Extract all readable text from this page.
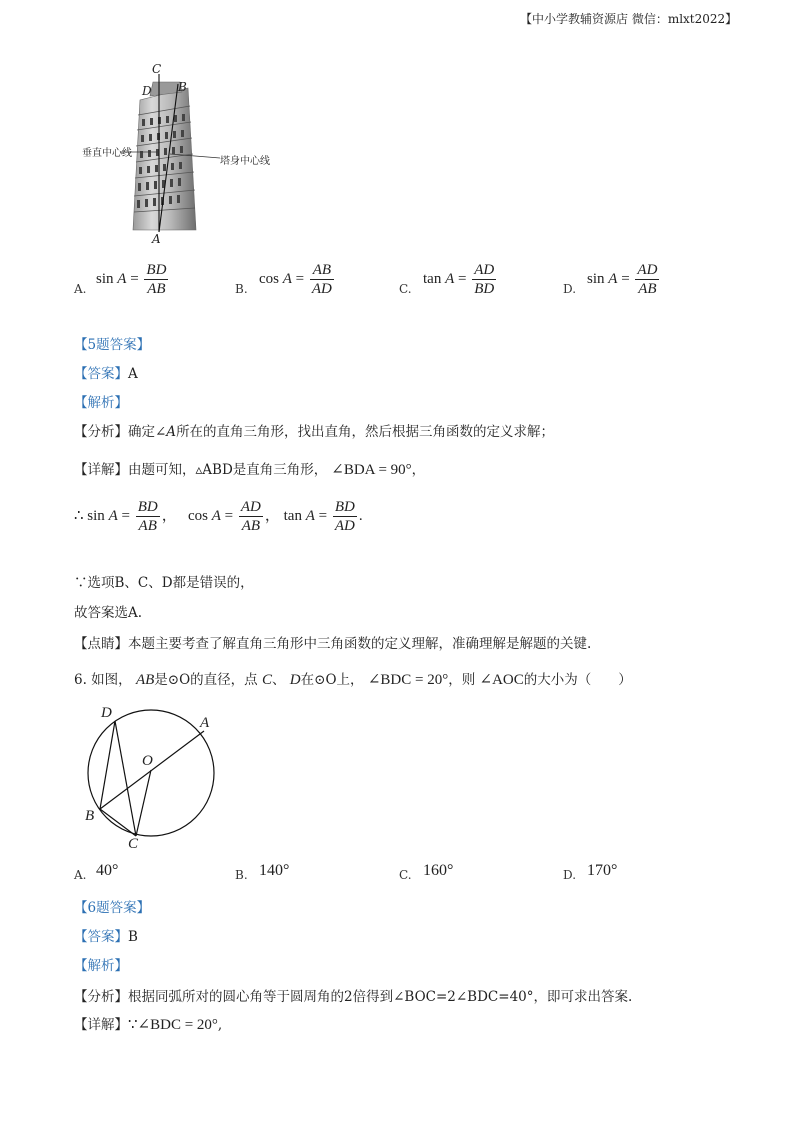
【中小学教辅资源店 微信：mlxt2022】
C
D B
A
垂直中心线
塔身中心线
A.
$\sin A = \frac{BD}{AB}$	B.
$\cos A = \frac{AB}{AD}$	C.
$\tan A = \frac{AD}{BD}$	D.
$\sin A = \frac{AD}{AB}$
【5题答案】
【答案】A
【解析】
【分析】确定∠A所在的直角三角形，找出直角，然后根据三角函数的定义求解；
【详解】由题可知，▵ABD是直角三角形， ∠BDA = 90°，
∴ $\sin A = \frac{BD}{AB}$ ， $\cos A = \frac{AD}{AB}$ ， $\tan A = \frac{BD}{AD}$ .
∵选项B、C、D都是错误的，
故答案选A.
【点睛】本题主要考查了解直角三角形中三角函数的定义理解，准确理解是解题的关键.
6. 如图， AB是⊙O的直径，点 C、 D在⊙O上， ∠BDC = 20°，则 ∠AOC的大小为（　　）
D
A
O
B
C
A. 40°	B. 140°	C. 160°	D. 170°
【6题答案】
【答案】B
【解析】
【分析】根据同弧所对的圆心角等于圆周角的2倍得到∠BOC=2∠BDC=40°，即可求出答案.
【详解】∵∠BDC = 20°,
